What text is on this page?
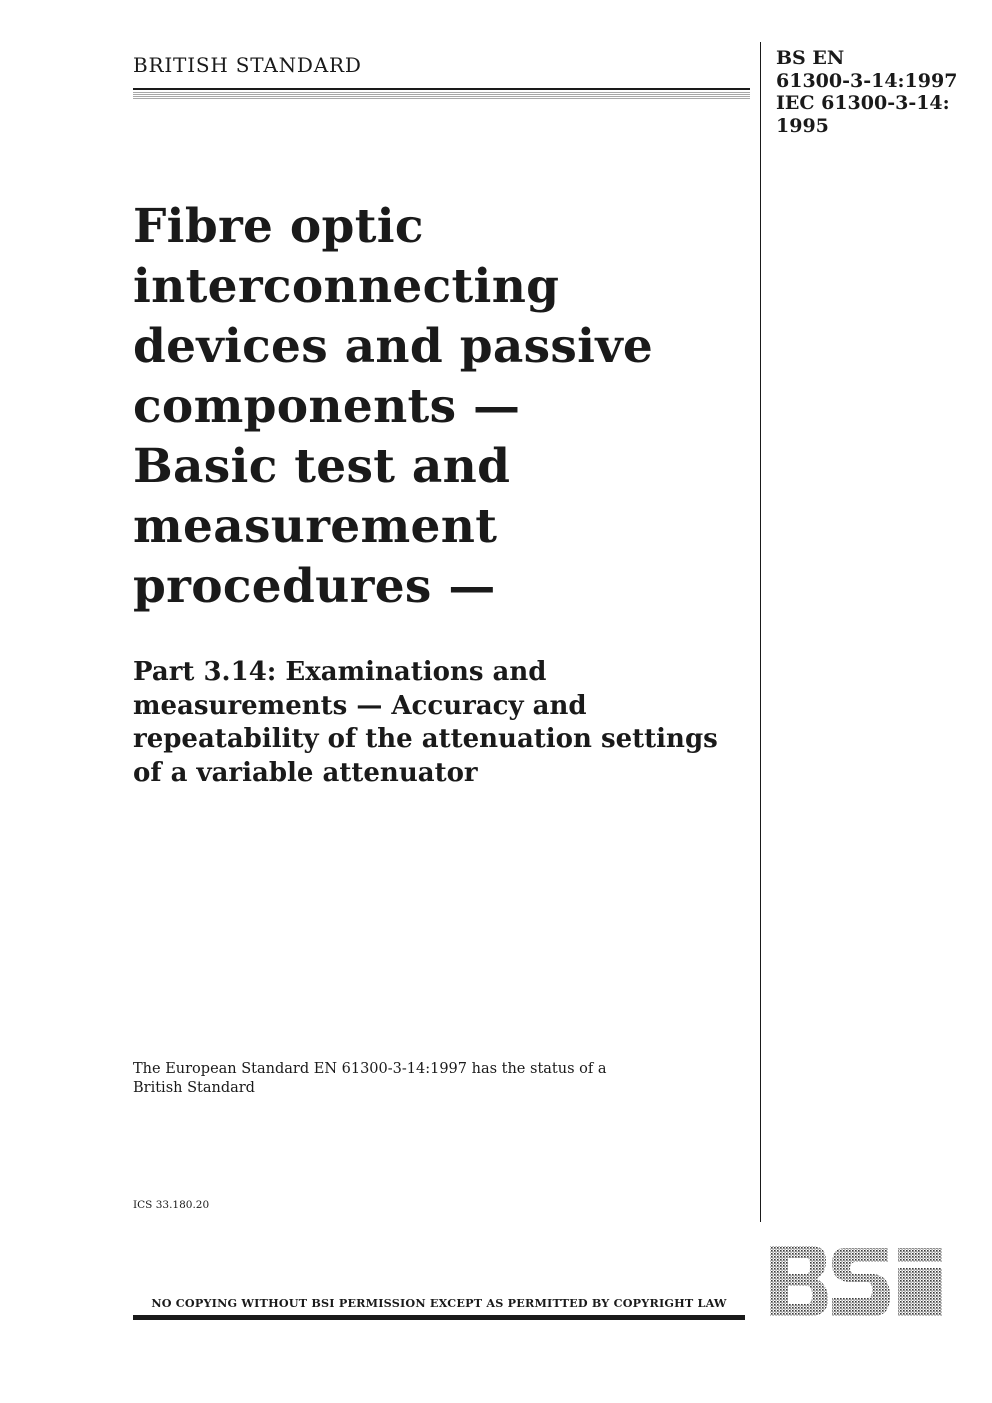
BRITISH STANDARD	BS EN
61300-3-14:1997
IEC 61300-3-14:
1995
Fibre optic
interconnecting
devices and passive
components —
Basic test and
measurement
procedures —
Part 3.14: Examinations and
measurements — Accuracy and
repeatability of the attenuation settings
of a variable attenuator
The European Standard EN 61300-3-14:1997 has the status of a
British Standard
ICS 33.180.20
NO COPYING WITHOUT BSI PERMISSION EXCEPT AS PERMITTED BY COPYRIGHT LAW
